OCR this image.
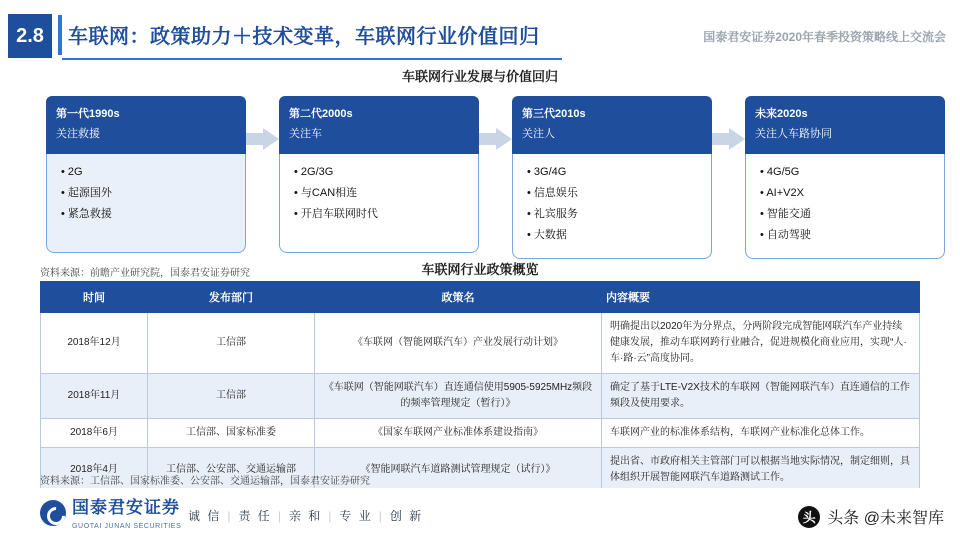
2.8	车联网：政策助力＋技术变革，车联网行业价值回归	国泰君安证券2020年春季投资策略线上交流会
车联网行业发展与价值回归
第一代1990s
关注救援
• 2G
• 起源国外
• 紧急救援
第二代2000s
关注车
• 2G/3G
• 与CAN相连
• 开启车联网时代
第三代2010s
关注人
• 3G/4G
• 信息娱乐
• 礼宾服务
• 大数据
未来2020s
关注人车路协同
• 4G/5G
• AI+V2X
• 智能交通
• 自动驾驶
资料来源：前瞻产业研究院，国泰君安证券研究	车联网行业政策概览
时间	发布部门	政策名	内容概要
2018年12月	工信部	《车联网（智能网联汽车）产业发展行动计划》	明确提出以2020年为分界点，分两阶段完成智能网联汽车产业持续健康发展，推动车联网跨行业融合，促进规模化商业应用，实现“人·车·路·云”高度协同。
2018年11月	工信部	《车联网（智能网联汽车）直连通信使用5905-5925MHz频段的频率管理规定（暂行）》	确定了基于LTE-V2X技术的车联网（智能网联汽车）直连通信的工作频段及使用要求。
2018年6月	工信部、国家标准委	《国家车联网产业标准体系建设指南》	车联网产业的标准体系结构，车联网产业标准化总体工作。
2018年4月	工信部、公安部、交通运输部	《智能网联汽车道路测试管理规定（试行）》	提出省、市政府相关主管部门可以根据当地实际情况，制定细则，具体组织开展智能网联汽车道路测试工作。
资料来源：工信部、国家标准委、公安部、交通运输部，国泰君安证券研究
国泰君安证券
GUOTAI JUNAN SECURITIES
诚 信 | 责 任 | 亲 和 | 专 业 | 创 新	头 头条 @未来智库
